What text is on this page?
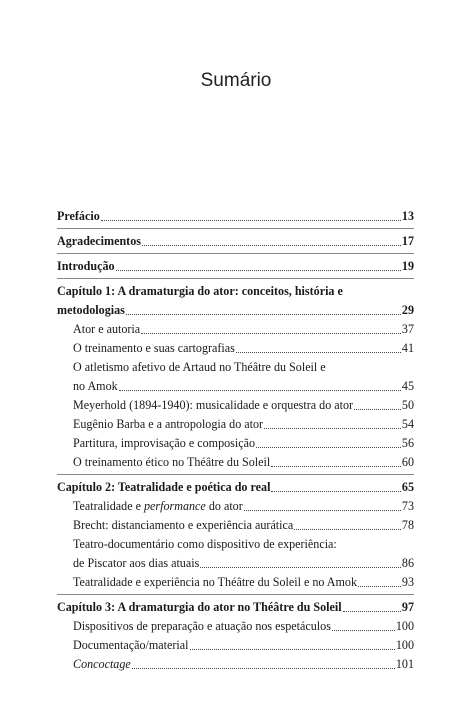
Sumário
Prefácio	13
Agradecimentos	17
Introdução	19
Capítulo 1: A dramaturgia do ator: conceitos, história e
metodologias	29
Ator e autoria	37
O treinamento e suas cartografias	41
O atletismo afetivo de Artaud no Théâtre du Soleil e
no Amok	45
Meyerhold (1894-1940): musicalidade e orquestra do ator	50
Eugênio Barba e a antropologia do ator	54
Partitura, improvisação e composição	56
O treinamento ético no Théâtre du Soleil	60
Capítulo 2: Teatralidade e poética do real	65
Teatralidade e performance do ator	73
Brecht: distanciamento e experiência aurática	78
Teatro-documentário como dispositivo de experiência:
de Piscator aos dias atuais	86
Teatralidade e experiência no Théâtre du Soleil e no Amok	93
Capítulo 3: A dramaturgia do ator no Théâtre du Soleil	97
Dispositivos de preparação e atuação nos espetáculos	100
Documentação/material	100
Concoctage	101
